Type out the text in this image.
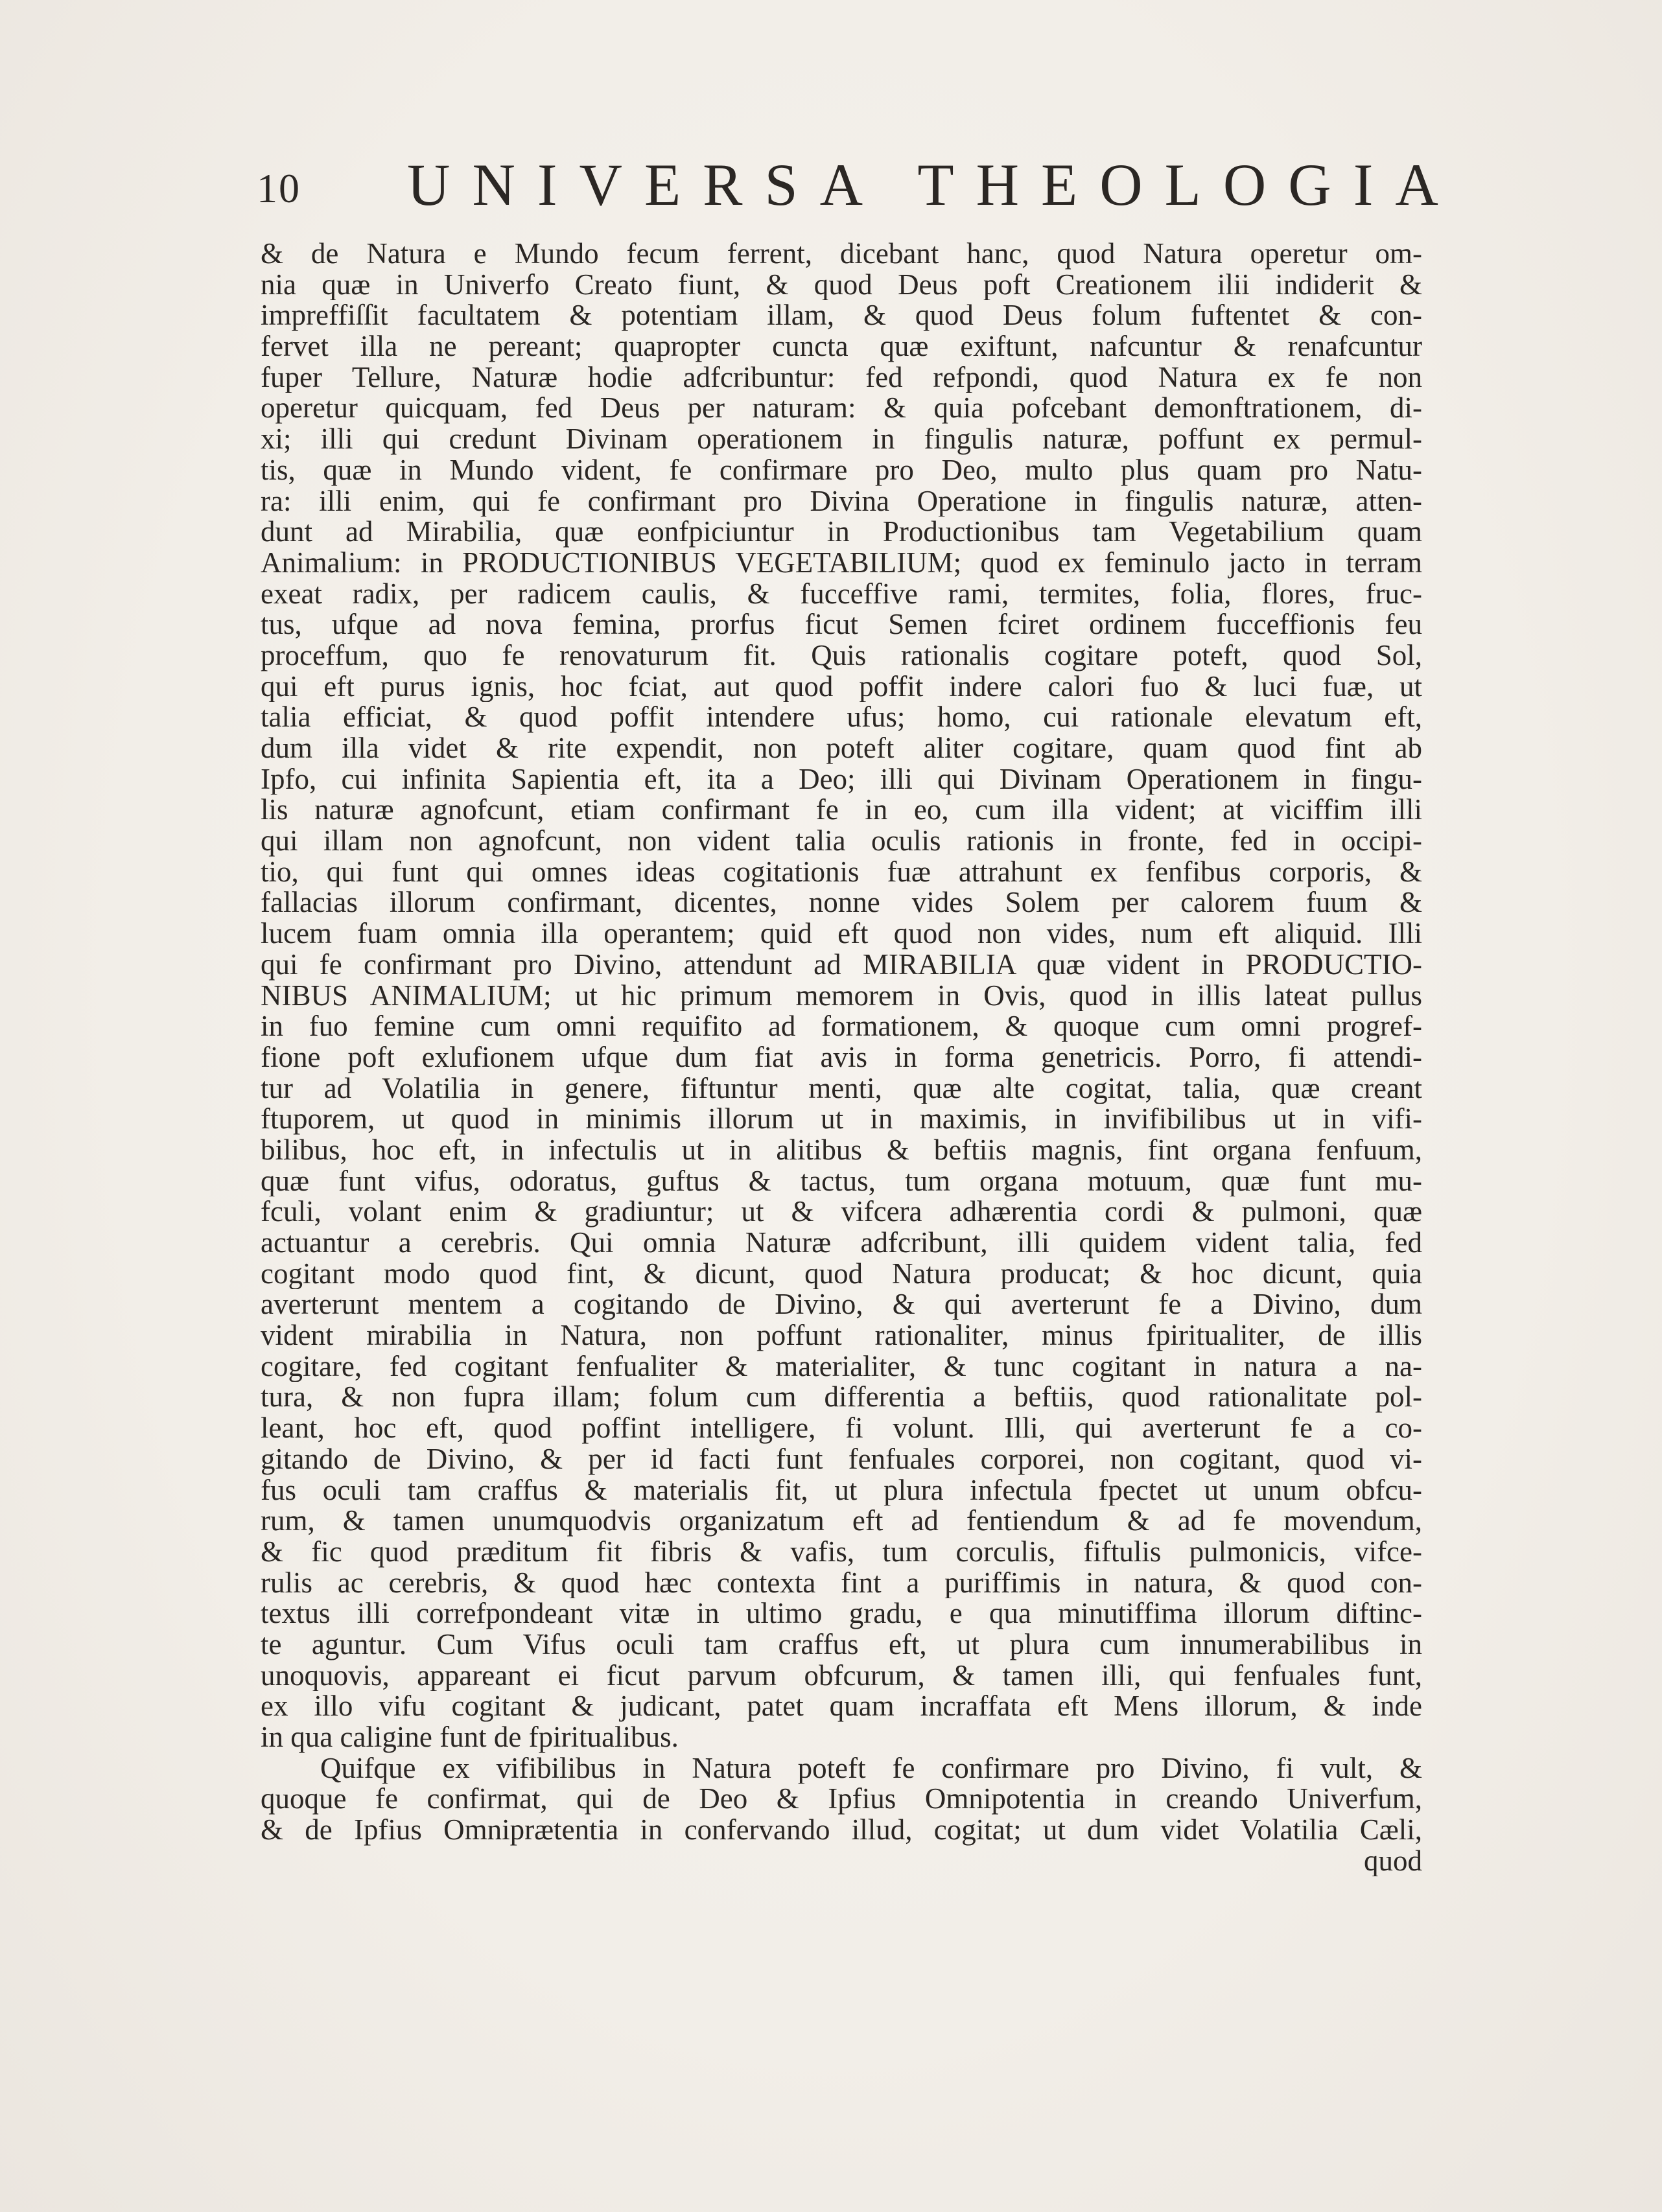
10 UNIVERSA THEOLOGIA
& de Natura e Mundo fecum ferrent, dicebant hanc, quod Natura operetur om-
nia quæ in Univerfo Creato fiunt, & quod Deus poft Creationem ilii indiderit &
impreffiſſit facultatem & potentiam illam, & quod Deus folum fuftentet & con-
fervet illa ne pereant; quapropter cuncta quæ exiftunt, nafcuntur & renafcuntur
fuper Tellure, Naturæ hodie adfcribuntur: fed refpondi, quod Natura ex fe non
operetur quicquam, fed Deus per naturam: & quia pofcebant demonftrationem, di-
xi; illi qui credunt Divinam operationem in fingulis naturæ, poffunt ex permul-
tis, quæ in Mundo vident, fe confirmare pro Deo, multo plus quam pro Natu-
ra: illi enim, qui fe confirmant pro Divina Operatione in fingulis naturæ, atten-
dunt ad Mirabilia, quæ eonfpiciuntur in Productionibus tam Vegetabilium quam
Animalium: in PRODUCTIONIBUS VEGETABILIUM; quod ex feminulo jacto in terram
exeat radix, per radicem caulis, & fucceffive rami, termites, folia, flores, fruc-
tus, ufque ad nova femina, prorfus ficut Semen fciret ordinem fucceffionis feu
proceffum, quo fe renovaturum fit. Quis rationalis cogitare poteft, quod Sol,
qui eft purus ignis, hoc fciat, aut quod poffit indere calori fuo & luci fuæ, ut
talia efficiat, & quod poffit intendere ufus; homo, cui rationale elevatum eft,
dum illa videt & rite expendit, non poteft aliter cogitare, quam quod fint ab
Ipfo, cui infinita Sapientia eft, ita a Deo; illi qui Divinam Operationem in fingu-
lis naturæ agnofcunt, etiam confirmant fe in eo, cum illa vident; at viciffim illi
qui illam non agnofcunt, non vident talia oculis rationis in fronte, fed in occipi-
tio, qui funt qui omnes ideas cogitationis fuæ attrahunt ex fenfibus corporis, &
fallacias illorum confirmant, dicentes, nonne vides Solem per calorem fuum &
lucem fuam omnia illa operantem; quid eft quod non vides, num eft aliquid. Illi
qui fe confirmant pro Divino, attendunt ad MIRABILIA quæ vident in PRODUCTIO-
NIBUS ANIMALIUM; ut hic primum memorem in Ovis, quod in illis lateat pullus
in fuo femine cum omni requifito ad formationem, & quoque cum omni progref-
fione poft exlufionem ufque dum fiat avis in forma genetricis. Porro, fi attendi-
tur ad Volatilia in genere, fiftuntur menti, quæ alte cogitat, talia, quæ creant
ftuporem, ut quod in minimis illorum ut in maximis, in invifibilibus ut in vifi-
bilibus, hoc eft, in infectulis ut in alitibus & beftiis magnis, fint organa fenfuum,
quæ funt vifus, odoratus, guftus & tactus, tum organa motuum, quæ funt mu-
fculi, volant enim & gradiuntur; ut & vifcera adhærentia cordi & pulmoni, quæ
actuantur a cerebris. Qui omnia Naturæ adfcribunt, illi quidem vident talia, fed
cogitant modo quod fint, & dicunt, quod Natura producat; & hoc dicunt, quia
averterunt mentem a cogitando de Divino, & qui averterunt fe a Divino, dum
vident mirabilia in Natura, non poffunt rationaliter, minus fpiritualiter, de illis
cogitare, fed cogitant fenfualiter & materialiter, & tunc cogitant in natura a na-
tura, & non fupra illam; folum cum differentia a beftiis, quod rationalitate pol-
leant, hoc eft, quod poffint intelligere, fi volunt. Illi, qui averterunt fe a co-
gitando de Divino, & per id facti funt fenfuales corporei, non cogitant, quod vi-
fus oculi tam craffus & materialis fit, ut plura infectula fpectet ut unum obfcu-
rum, & tamen unumquodvis organizatum eft ad fentiendum & ad fe movendum,
& fic quod præditum fit fibris & vafis, tum corculis, fiftulis pulmonicis, vifce-
rulis ac cerebris, & quod hæc contexta fint a puriffimis in natura, & quod con-
textus illi correfpondeant vitæ in ultimo gradu, e qua minutiffima illorum diftinc-
te aguntur. Cum Vifus oculi tam craffus eft, ut plura cum innumerabilibus in
unoquovis, appareant ei ficut parvum obfcurum, & tamen illi, qui fenfuales funt,
ex illo vifu cogitant & judicant, patet quam incraffata eft Mens illorum, & inde
in qua caligine funt de fpiritualibus.
Quifque ex vifibilibus in Natura poteft fe confirmare pro Divino, fi vult, &
quoque fe confirmat, qui de Deo & Ipfius Omnipotentia in creando Univerfum,
& de Ipfius Omniprætentia in confervando illud, cogitat; ut dum videt Volatilia Cæli,
quod
